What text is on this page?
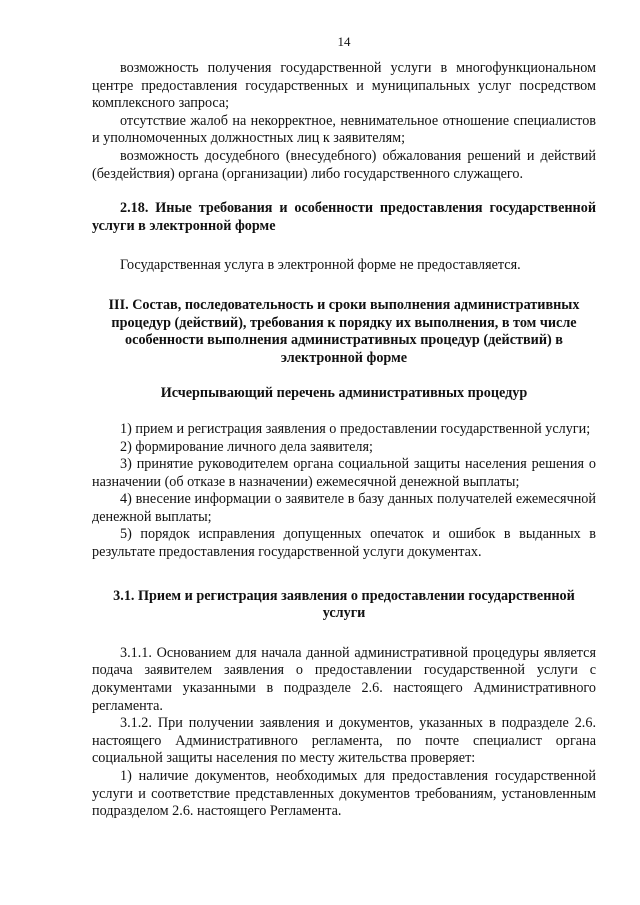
14

возможность получения государственной услуги в многофункциональном центре предоставления государственных и муниципальных услуг посредством комплексного запроса;

отсутствие жалоб на некорректное, невнимательное отношение специалистов и уполномоченных должностных лиц к заявителям;

возможность досудебного (внесудебного) обжалования решений и действий (бездействия) органа (организации) либо государственного служащего.

2.18. Иные требования и особенности предоставления государственной услуги в электронной форме

Государственная услуга в электронной форме не предоставляется.

III. Состав, последовательность и сроки выполнения административных процедур (действий), требования к порядку их выполнения, в том числе особенности выполнения административных процедур (действий) в электронной форме

Исчерпывающий перечень административных процедур

1) прием и регистрация заявления о предоставлении государственной услуги;

2) формирование личного дела заявителя;

3) принятие руководителем органа социальной защиты населения решения о назначении (об отказе в назначении) ежемесячной денежной выплаты;

4) внесение информации о заявителе в базу данных получателей ежемесячной денежной выплаты;

5) порядок исправления допущенных опечаток и ошибок в выданных в результате предоставления государственной услуги документах.

3.1. Прием и регистрация заявления о предоставлении государственной услуги

3.1.1. Основанием для начала данной административной процедуры является подача заявителем заявления о предоставлении государственной услуги с документами указанными в подразделе 2.6. настоящего Административного регламента.

3.1.2. При получении заявления и документов, указанных в подразделе 2.6. настоящего Административного регламента, по почте специалист органа социальной защиты населения по месту жительства проверяет:

1) наличие документов, необходимых для предоставления государственной услуги и соответствие представленных документов требованиям, установленным подразделом 2.6. настоящего Регламента.
